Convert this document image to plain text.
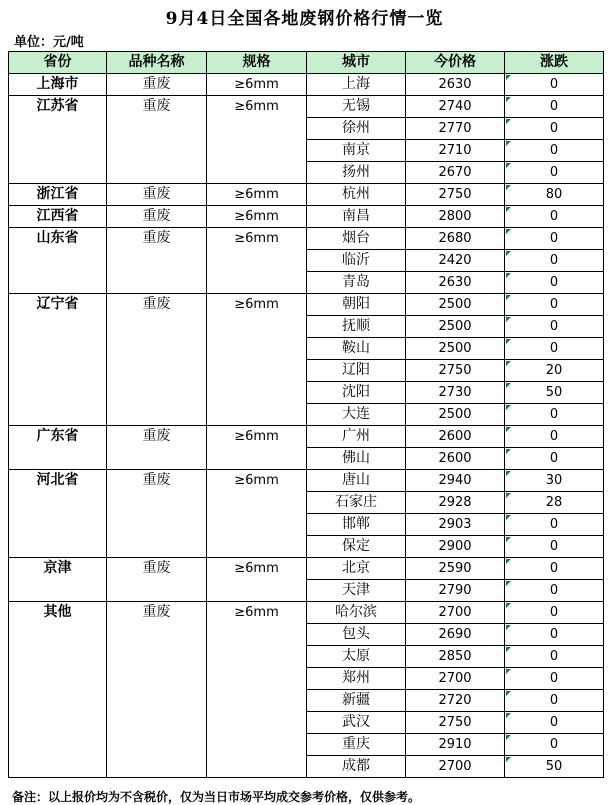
9月4日全国各地废钢价格行情一览
单位：元/吨
省份	品种名称	规格	城市	今价格	涨跌
上海市	重废	≥6mm	上海	2630	0
江苏省	重废	≥6mm	无锡	2740	0
			徐州	2770	0
			南京	2710	0
			扬州	2670	0
浙江省	重废	≥6mm	杭州	2750	80
江西省	重废	≥6mm	南昌	2800	0
山东省	重废	≥6mm	烟台	2680	0
			临沂	2420	0
			青岛	2630	0
辽宁省	重废	≥6mm	朝阳	2500	0
			抚顺	2500	0
			鞍山	2500	0
			辽阳	2750	20
			沈阳	2730	50
			大连	2500	0
广东省	重废	≥6mm	广州	2600	0
			佛山	2600	0
河北省	重废	≥6mm	唐山	2940	30
			石家庄	2928	28
			邯郸	2903	0
			保定	2900	0
京津	重废	≥6mm	北京	2590	0
			天津	2790	0
其他	重废	≥6mm	哈尔滨	2700	0
			包头	2690	0
			太原	2850	0
			郑州	2700	0
			新疆	2720	0
			武汉	2750	0
			重庆	2910	0
			成都	2700	50
备注：以上报价均为不含税价，仅为当日市场平均成交参考价格，仅供参考。
